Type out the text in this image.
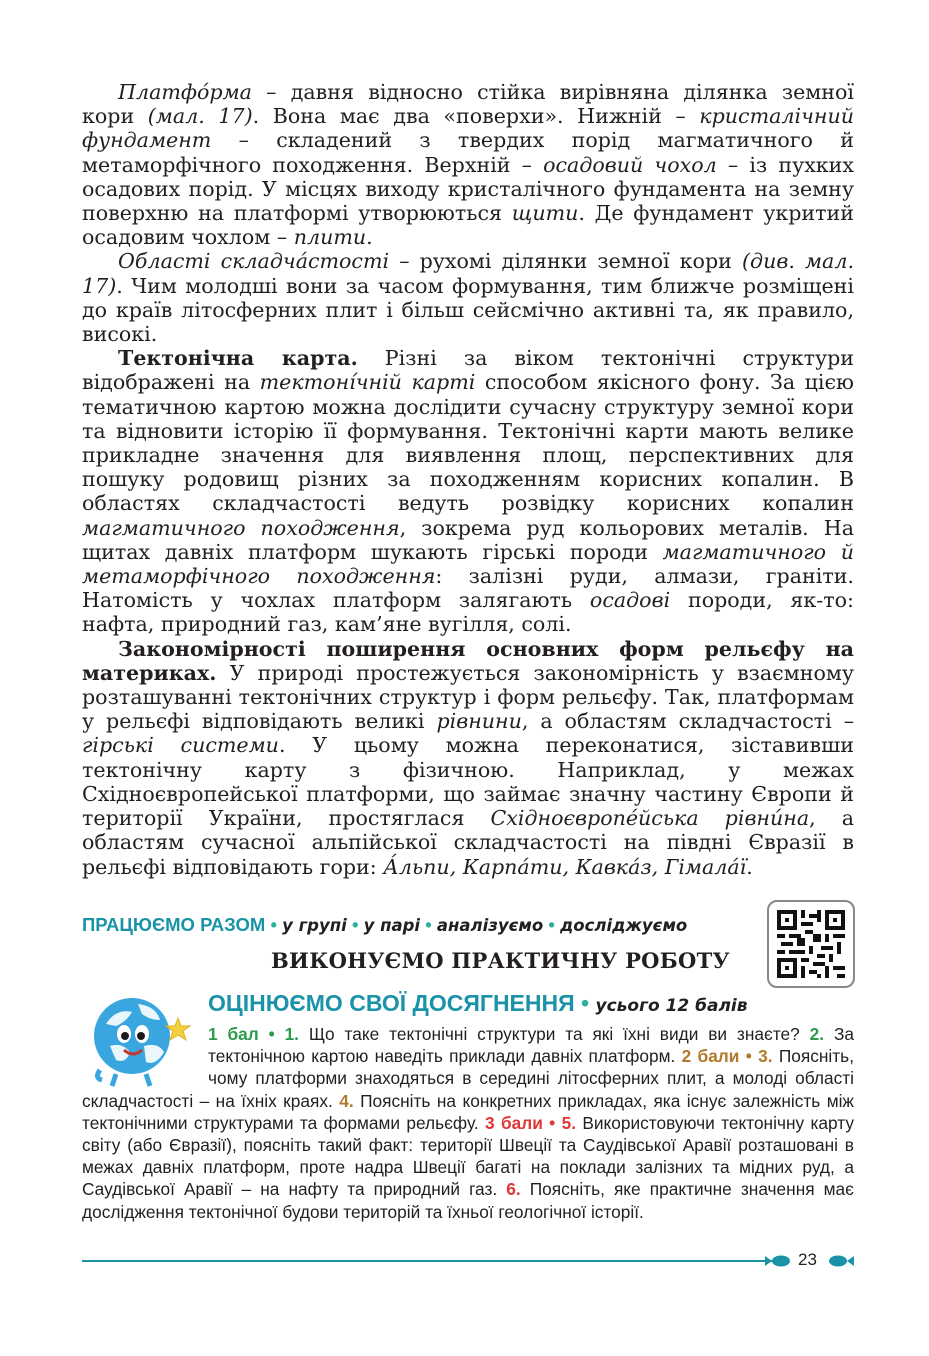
Платфо́рма – давня відносно стійка вирівняна ділянка земної кори (мал. 17). Вона має два «поверхи». Нижній – кристалічний фундамент – складений з твердих порід магматичного й метаморфічного походження. Верхній – осадовий чохол – із пухких осадових порід. У місцях виходу кристалічного фундамента на земну поверхню на платформі утворюються щити. Де фундамент укритий осадовим чохлом – плити.

Області складча́стості – рухомі ділянки земної кори (див. мал. 17). Чим молодші вони за часом формування, тим ближче розміщені до країв літосферних плит і більш сейсмічно активні та, як правило, високі.

Тектонічна карта. Різні за віком тектонічні структури відображені на тектоні́чній карті способом якісного фону. За цією тематичною картою можна дослідити сучасну структуру земної кори та відновити історію її формування. Тектонічні карти мають велике прикладне значення для виявлення площ, перспективних для пошуку родовищ різних за походженням корисних копалин. В областях складчастості ведуть розвідку корисних копалин магматичного походження, зокрема руд кольорових металів. На щитах давніх платформ шукають гірські породи магматичного й метаморфічного походження: залізні руди, алмази, граніти. Натомість у чохлах платформ залягають осадові породи, як-то: нафта, природний газ, кам’яне вугілля, солі.

Закономірності поширення основних форм рельєфу на материках. У природі простежується закономірність у взаємному розташуванні тектонічних структур і форм рельєфу. Так, платформам у рельєфі відповідають великі рівнини, а областям складчастості – гірські системи. У цьому можна переконатися, зіставивши тектонічну карту з фізичною. Наприклад, у межах Східноєвропейської платформи, що займає значну частину Європи й території України, простяглася Східноєвропе́йська рівни́на, а областям сучасної альпійської складчастості на півдні Євразії в рельєфі відповідають гори: А́льпи, Карпа́ти, Кавка́з, Гімала́ї.

ПРАЦЮЄМО РАЗОМ • у групі • у парі • аналізуємо • досліджуємо
ВИКОНУЄМО ПРАКТИЧНУ РОБОТУ
ОЦІНЮЄМО СВОЇ ДОСЯГНЕННЯ • усього 12 балів
1 бал • 1. Що таке тектонічні структури та які їхні види ви знаєте? 2. За тектонічною картою наведіть приклади давніх платформ. 2 бали • 3. Поясніть, чому платформи знаходяться в середині літосферних плит, а молоді області складчастості – на їхніх краях. 4. Поясніть на конкретних прикладах, яка існує залежність між тектонічними структурами та формами рельєфу. 3 бали • 5. Використовуючи тектонічну карту світу (або Євразії), поясніть такий факт: території Швеції та Саудівської Аравії розташовані в межах давніх платформ, проте надра Швеції багаті на поклади залізних та мідних руд, а Саудівської Аравії – на нафту та природний газ. 6. Поясніть, яке практичне значення має дослідження тектонічної будови територій та їхньої геологічної історії.
23
